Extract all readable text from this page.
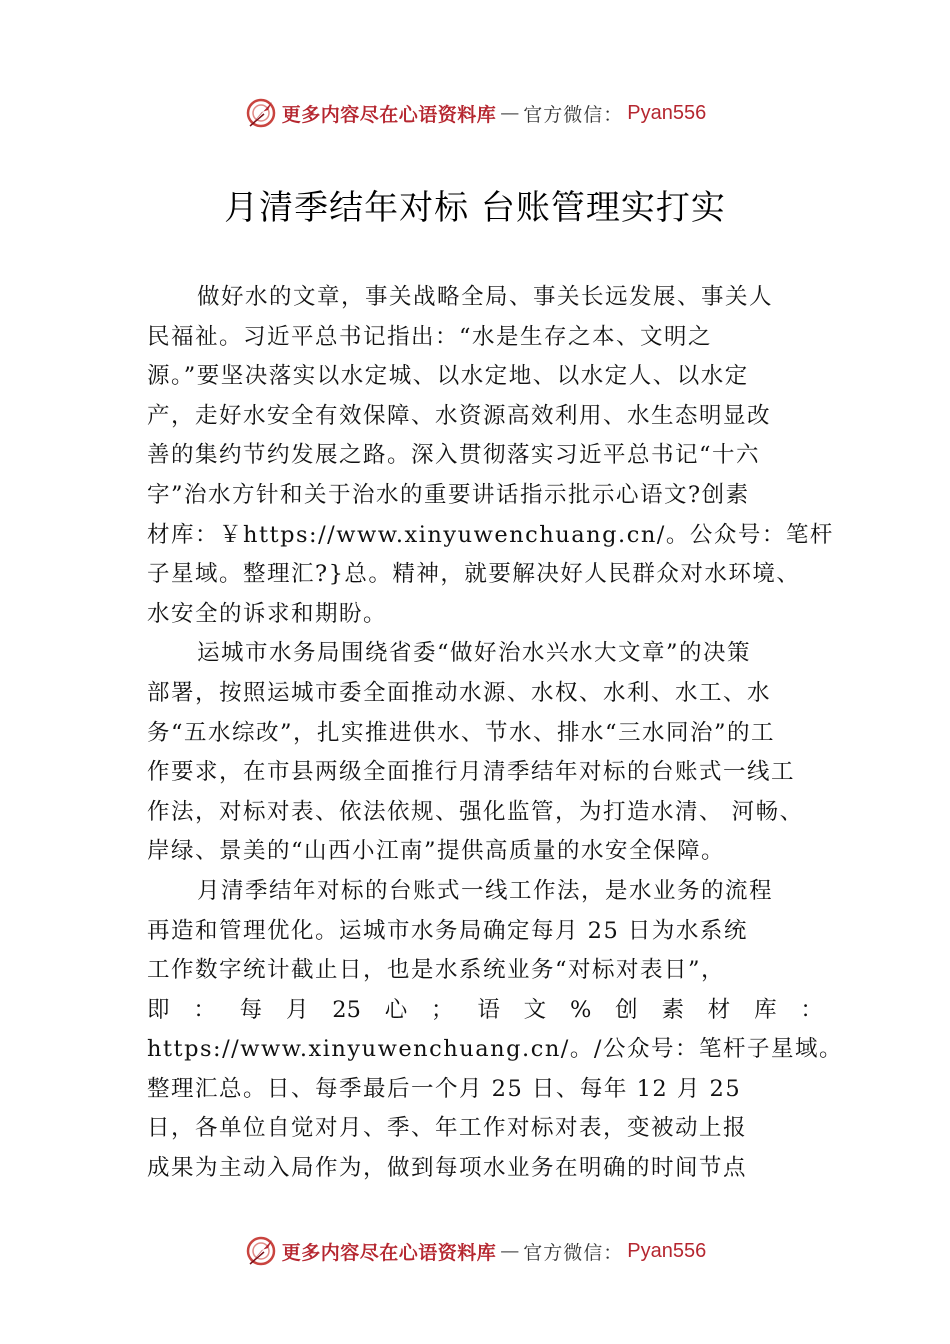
更多内容尽在心语资料库 — 官方微信： Pyan556
月清季结年对标 台账管理实打实
做好水的文章，事关战略全局、事关长远发展、事关人
民福祉。习近平总书记指出：“水是生存之本、文明之
源。”要坚决落实以水定城、以水定地、以水定人、以水定
产，走好水安全有效保障、水资源高效利用、水生态明显改
善的集约节约发展之路。深入贯彻落实习近平总书记“十六
字”治水方针和关于治水的重要讲话指示批示心语文?创素
材库：￥https://www.xinyuwenchuang.cn/。公众号：笔杆
子星域。整理汇?}总。精神，就要解决好人民群众对水环境、
水安全的诉求和期盼。
运城市水务局围绕省委“做好治水兴水大文章”的决策
部署，按照运城市委全面推动水源、水权、水利、水工、水
务“五水综改”，扎实推进供水、节水、排水“三水同治”的工
作要求，在市县两级全面推行月清季结年对标的台账式一线工
作法，对标对表、依法依规、强化监管，为打造水清、 河畅、
岸绿、景美的“山西小江南”提供高质量的水安全保障。
月清季结年对标的台账式一线工作法，是水业务的流程
再造和管理优化。运城市水务局确定每月 25 日为水系统
工作数字统计截止日，也是水系统业务“对标对表日”，
即 ： 每 月 25 心 ； 语 文 % 创 素 材 库 ：
https://www.xinyuwenchuang.cn/。/公众号：笔杆子星域。
整理汇总。日、每季最后一个月 25 日、每年 12 月 25
日，各单位自觉对月、季、年工作对标对表，变被动上报
成果为主动入局作为，做到每项水业务在明确的时间节点
更多内容尽在心语资料库 — 官方微信： Pyan556
